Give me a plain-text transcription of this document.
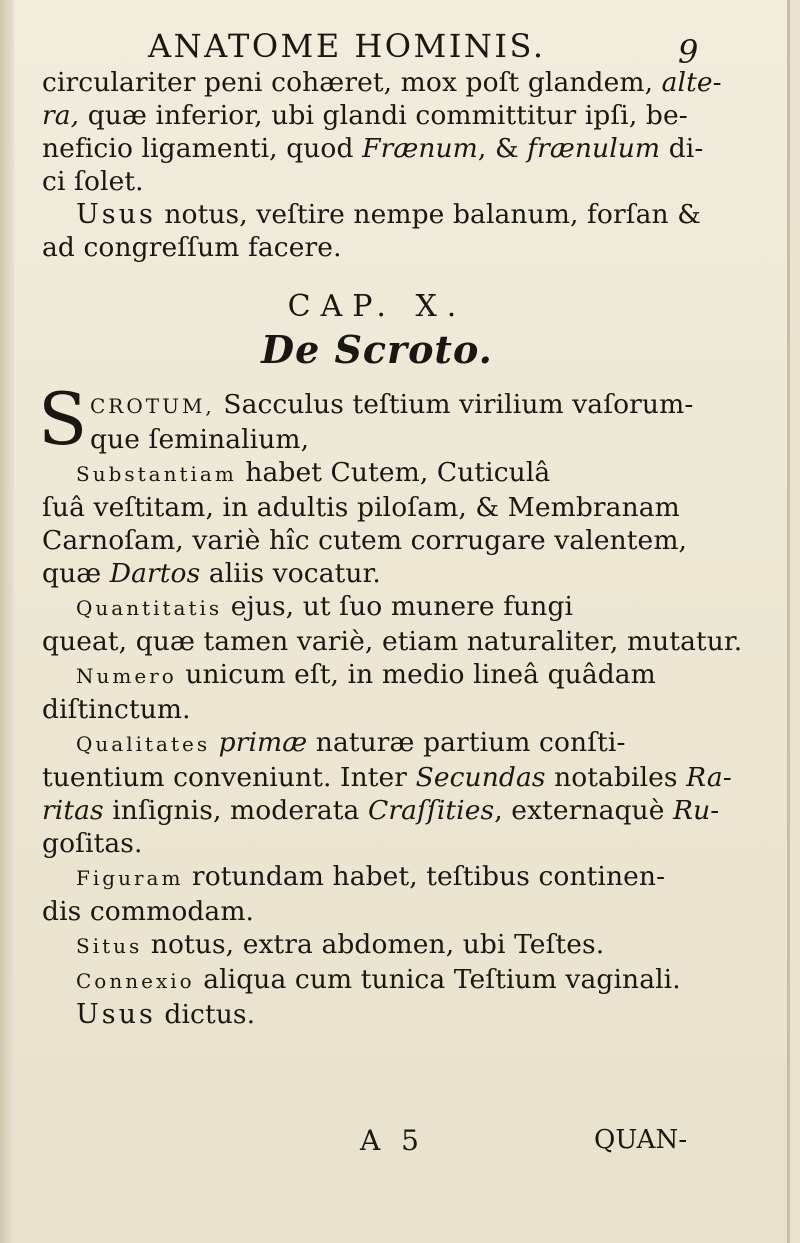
ANATOME HOMINIS.	9

circulariter peni cohæret, mox poſt glandem, alte-
ra, quæ inferior, ubi glandi committitur ipſi, be-
neficio ligamenti, quod Frænum, & frænulum di-
ci ſolet.

Usus notus, veſtire nempe balanum, forſan &

ad congreſſum facere.

CAP. X.
De Scroto.

S CROTUM, Sacculus teſtium virilium vaſorum-
que ſeminalium,

Substantiam habet Cutem, Cuticulâ

ſuâ veſtitam, in adultis piloſam, & Membranam
Carnoſam, variè hîc cutem corrugare valentem,
quæ Dartos aliis vocatur.

Quantitatis ejus, ut ſuo munere fungi

queat, quæ tamen variè, etiam naturaliter, mutatur.

Numero unicum eſt, in medio lineâ quâdam

diſtinctum.

Qualitates primæ naturæ partium conſti-

tuentium conveniunt. Inter Secundas notabiles Ra-
ritas inſignis, moderata Craſſities, externaquè Ru-
goſitas.

Figuram rotundam habet, teſtibus continen-

dis commodam.

Situs notus, extra abdomen, ubi Teſtes.

Connexio aliqua cum tunica Teſtium vaginali.

Usus dictus.

A 5	QUAN-
